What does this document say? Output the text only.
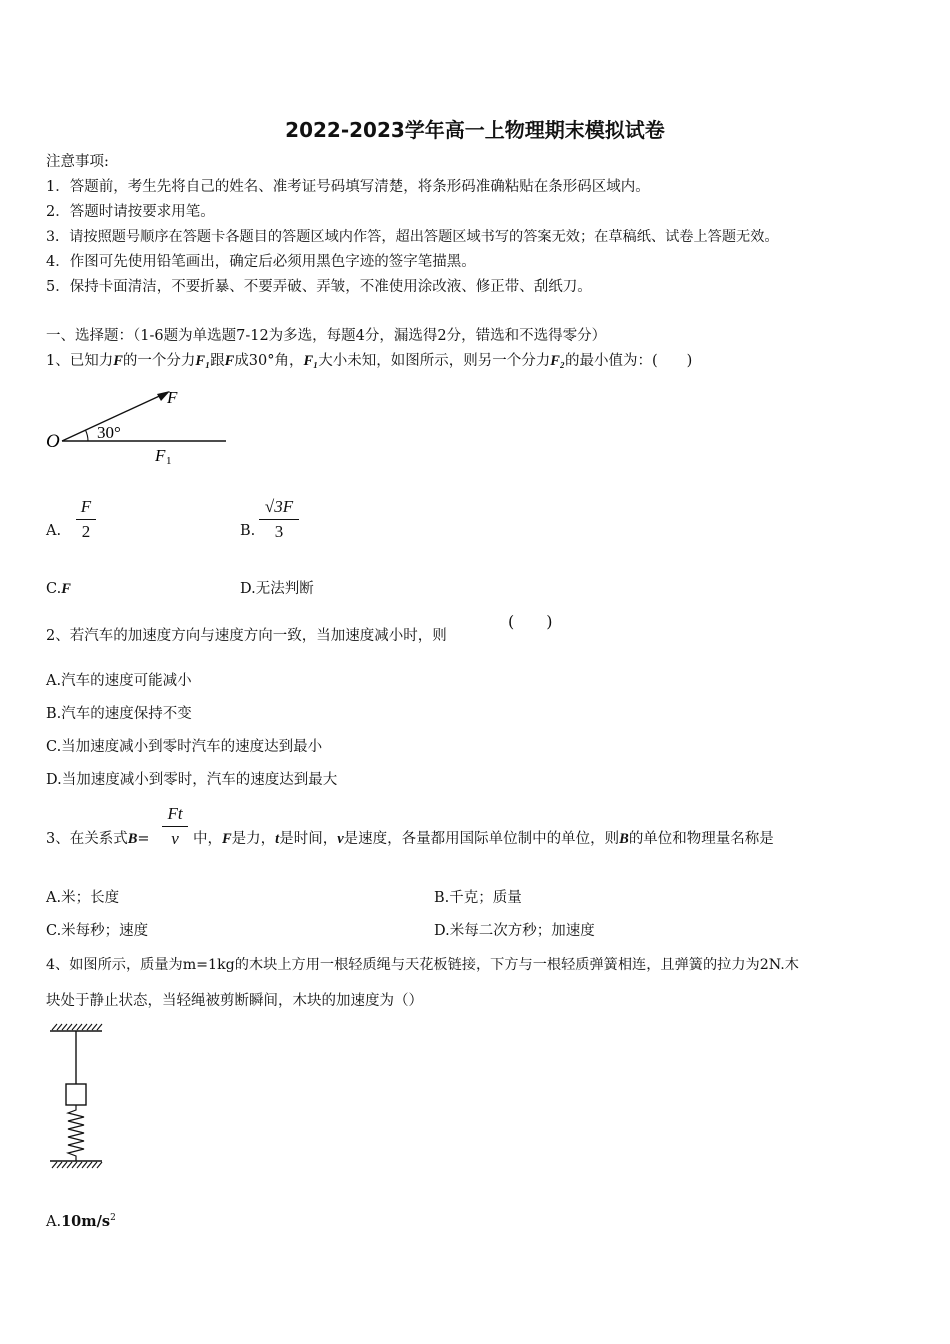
2022-2023学年高一上物理期末模拟试卷
注意事项:
1．答题前，考生先将自己的姓名、准考证号码填写清楚，将条形码准确粘贴在条形码区域内。
2．答题时请按要求用笔。
3．请按照题号顺序在答题卡各题目的答题区域内作答，超出答题区域书写的答案无效；在草稿纸、试卷上答题无效。
4．作图可先使用铅笔画出，确定后必须用黑色字迹的签字笔描黑。
5．保持卡面清洁，不要折暴、不要弄破、弄皱，不准使用涂改液、修正带、刮纸刀。
一、选择题：（1-6题为单选题7-12为多选，每题4分，漏选得2分，错选和不选得零分）
1、已知力F的一个分力F₁跟F成30°角，F₁大小未知，如图所示，则另一个分力F₂的最小值为：(　　)
O
F
30°
F 1
A.
F
2	B.
√3F
3
C.F	D.无法判断
2、若汽车的加速度方向与速度方向一致，当加速度减小时，则
(　　)
A.汽车的速度可能减小
B.汽车的速度保持不变
C.当加速度减小到零时汽车的速度达到最小
D.当加速度减小到零时，汽车的速度达到最大
3、在关系式B=
Ft
v 中，F是力，t是时间，v是速度，各量都用国际单位制中的单位，则B的单位和物理量名称是
A.米；长度	B.千克；质量
C.米每秒；速度	D.米每二次方秒；加速度
4、如图所示，质量为m=1kg的木块上方用一根轻质绳与天花板链接，下方与一根轻质弹簧相连，且弹簧的拉力为2N.木
块处于静止状态，当轻绳被剪断瞬间，木块的加速度为（）
$A.10m/s^2$
